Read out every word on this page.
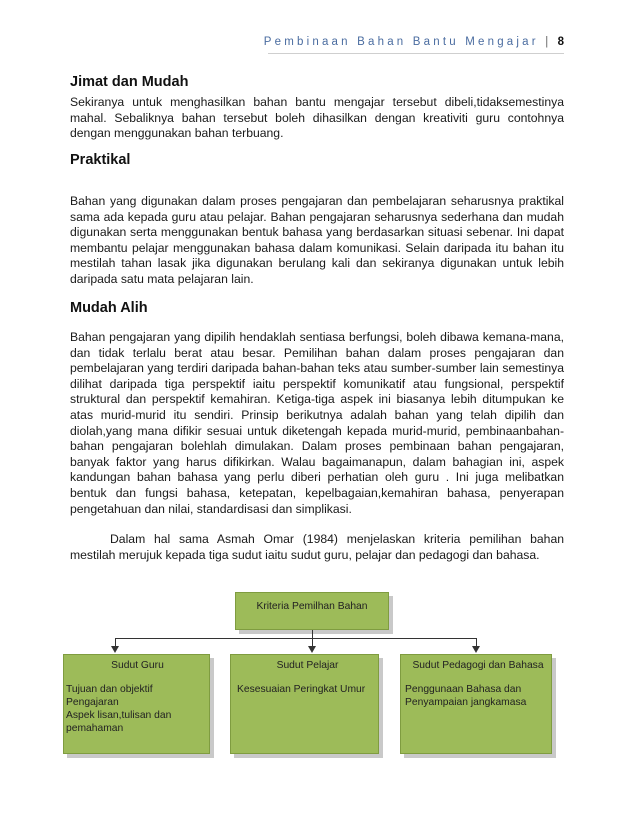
Pembinaan Bahan Bantu Mengajar | 8
Jimat dan Mudah

Sekiranya untuk menghasilkan bahan bantu mengajar tersebut dibeli,tidaksemestinya mahal. Sebaliknya bahan tersebut boleh dihasilkan dengan kreativiti guru contohnya dengan menggunakan bahan terbuang.

Praktikal

Bahan yang digunakan dalam proses pengajaran dan pembelajaran seharusnya praktikal sama ada kepada guru atau pelajar. Bahan pengajaran seharusnya sederhana dan mudah digunakan serta menggunakan bentuk bahasa yang berdasarkan situasi sebenar. Ini dapat membantu pelajar menggunakan bahasa dalam komunikasi. Selain daripada itu bahan itu mestilah tahan lasak jika digunakan berulang kali dan sekiranya digunakan untuk lebih daripada satu mata pelajaran lain.

Mudah Alih

Bahan pengajaran yang dipilih hendaklah sentiasa berfungsi, boleh dibawa kemana-mana, dan tidak terlalu berat atau besar. Pemilihan bahan dalam proses pengajaran dan pembelajaran yang terdiri daripada bahan-bahan teks atau sumber-sumber lain semestinya dilihat daripada tiga perspektif iaitu perspektif komunikatif atau fungsional, perspektif struktural dan perspektif kemahiran. Ketiga-tiga aspek ini biasanya lebih ditumpukan ke atas murid-murid itu sendiri. Prinsip berikutnya adalah bahan yang telah dipilih dan diolah,yang mana difikir sesuai untuk diketengah kepada murid-murid, pembinaanbahan-bahan pengajaran bolehlah dimulakan. Dalam proses pembinaan bahan pengajaran, banyak faktor yang harus difikirkan. Walau bagaimanapun, dalam bahagian ini, aspek kandungan bahan bahasa yang perlu diberi perhatian oleh guru . Ini juga melibatkan bentuk dan fungsi bahasa, ketepatan, kepelbagaian,kemahiran bahasa, penyerapan pengetahuan dan nilai, standardisasi dan simplikasi.

Dalam hal sama Asmah Omar (1984) menjelaskan kriteria pemilihan bahan mestilah merujuk kepada tiga sudut iaitu sudut guru, pelajar dan pedagogi dan bahasa.

Kriteria Pemilhan Bahan
Sudut Guru
Tujuan dan objektif
Pengajaran
Aspek lisan,tulisan dan
pemahaman
Sudut Pelajar
Kesesuaian Peringkat Umur
Sudut Pedagogi dan Bahasa
Penggunaan Bahasa dan
Penyampaian jangkamasa
